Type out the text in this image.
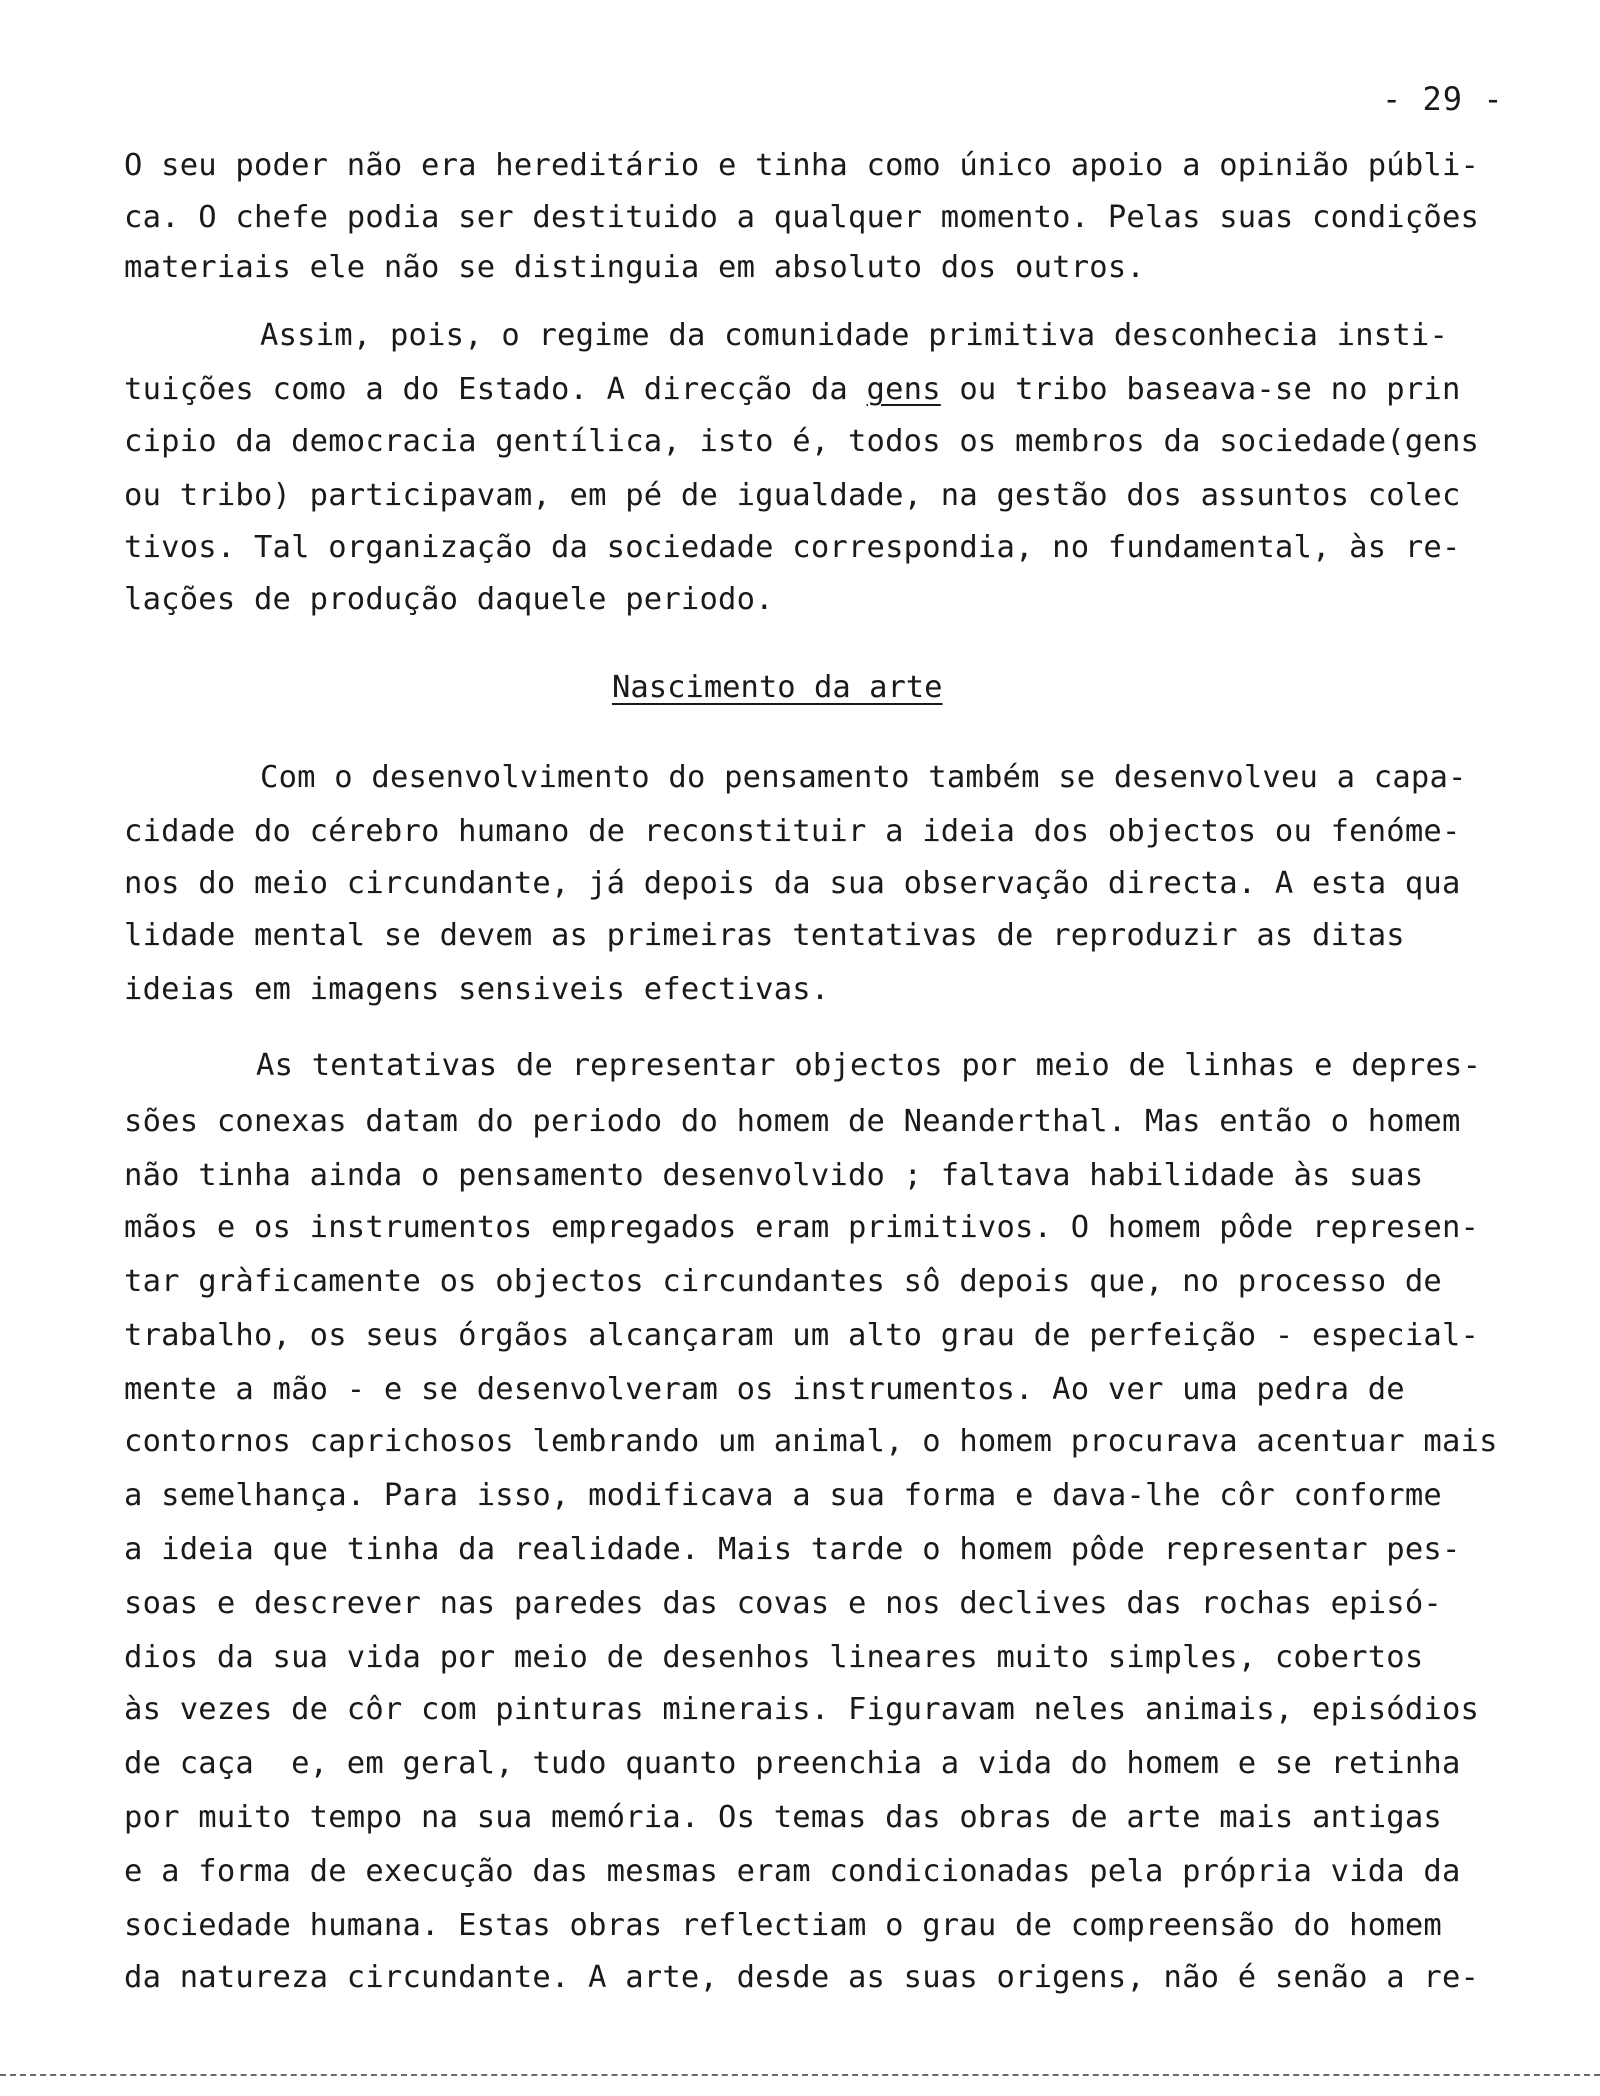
- 29 -
O seu poder não era hereditário e tinha como único apoio a opinião públi-
ca. O chefe podia ser destituido a qualquer momento. Pelas suas condições
materiais ele não se distinguia em absoluto dos outros.
Assim, pois, o regime da comunidade primitiva desconhecia insti-
tuições como a do Estado. A direcção da gens ou tribo baseava-se no prin
cipio da democracia gentílica, isto é, todos os membros da sociedade(gens
ou tribo) participavam, em pé de igualdade, na gestão dos assuntos colec
tivos. Tal organização da sociedade correspondia, no fundamental, às re-
lações de produção daquele periodo.
Nascimento da arte
Com o desenvolvimento do pensamento também se desenvolveu a capa-
cidade do cérebro humano de reconstituir a ideia dos objectos ou fenóme-
nos do meio circundante, já depois da sua observação directa. A esta qua
lidade mental se devem as primeiras tentativas de reproduzir as ditas
ideias em imagens sensiveis efectivas.
As tentativas de representar objectos por meio de linhas e depres-
sões conexas datam do periodo do homem de Neanderthal. Mas então o homem
não tinha ainda o pensamento desenvolvido ; faltava habilidade às suas
mãos e os instrumentos empregados eram primitivos. O homem pôde represen-
tar gràficamente os objectos circundantes sô depois que, no processo de
trabalho, os seus órgãos alcançaram um alto grau de perfeição - especial-
mente a mão - e se desenvolveram os instrumentos. Ao ver uma pedra de
contornos caprichosos lembrando um animal, o homem procurava acentuar mais
a semelhança. Para isso, modificava a sua forma e dava-lhe côr conforme
a ideia que tinha da realidade. Mais tarde o homem pôde representar pes-
soas e descrever nas paredes das covas e nos declives das rochas episó-
dios da sua vida por meio de desenhos lineares muito simples, cobertos
às vezes de côr com pinturas minerais. Figuravam neles animais, episódios
de caça  e, em geral, tudo quanto preenchia a vida do homem e se retinha
por muito tempo na sua memória. Os temas das obras de arte mais antigas
e a forma de execução das mesmas eram condicionadas pela própria vida da
sociedade humana. Estas obras reflectiam o grau de compreensão do homem
da natureza circundante. A arte, desde as suas origens, não é senão a re-
